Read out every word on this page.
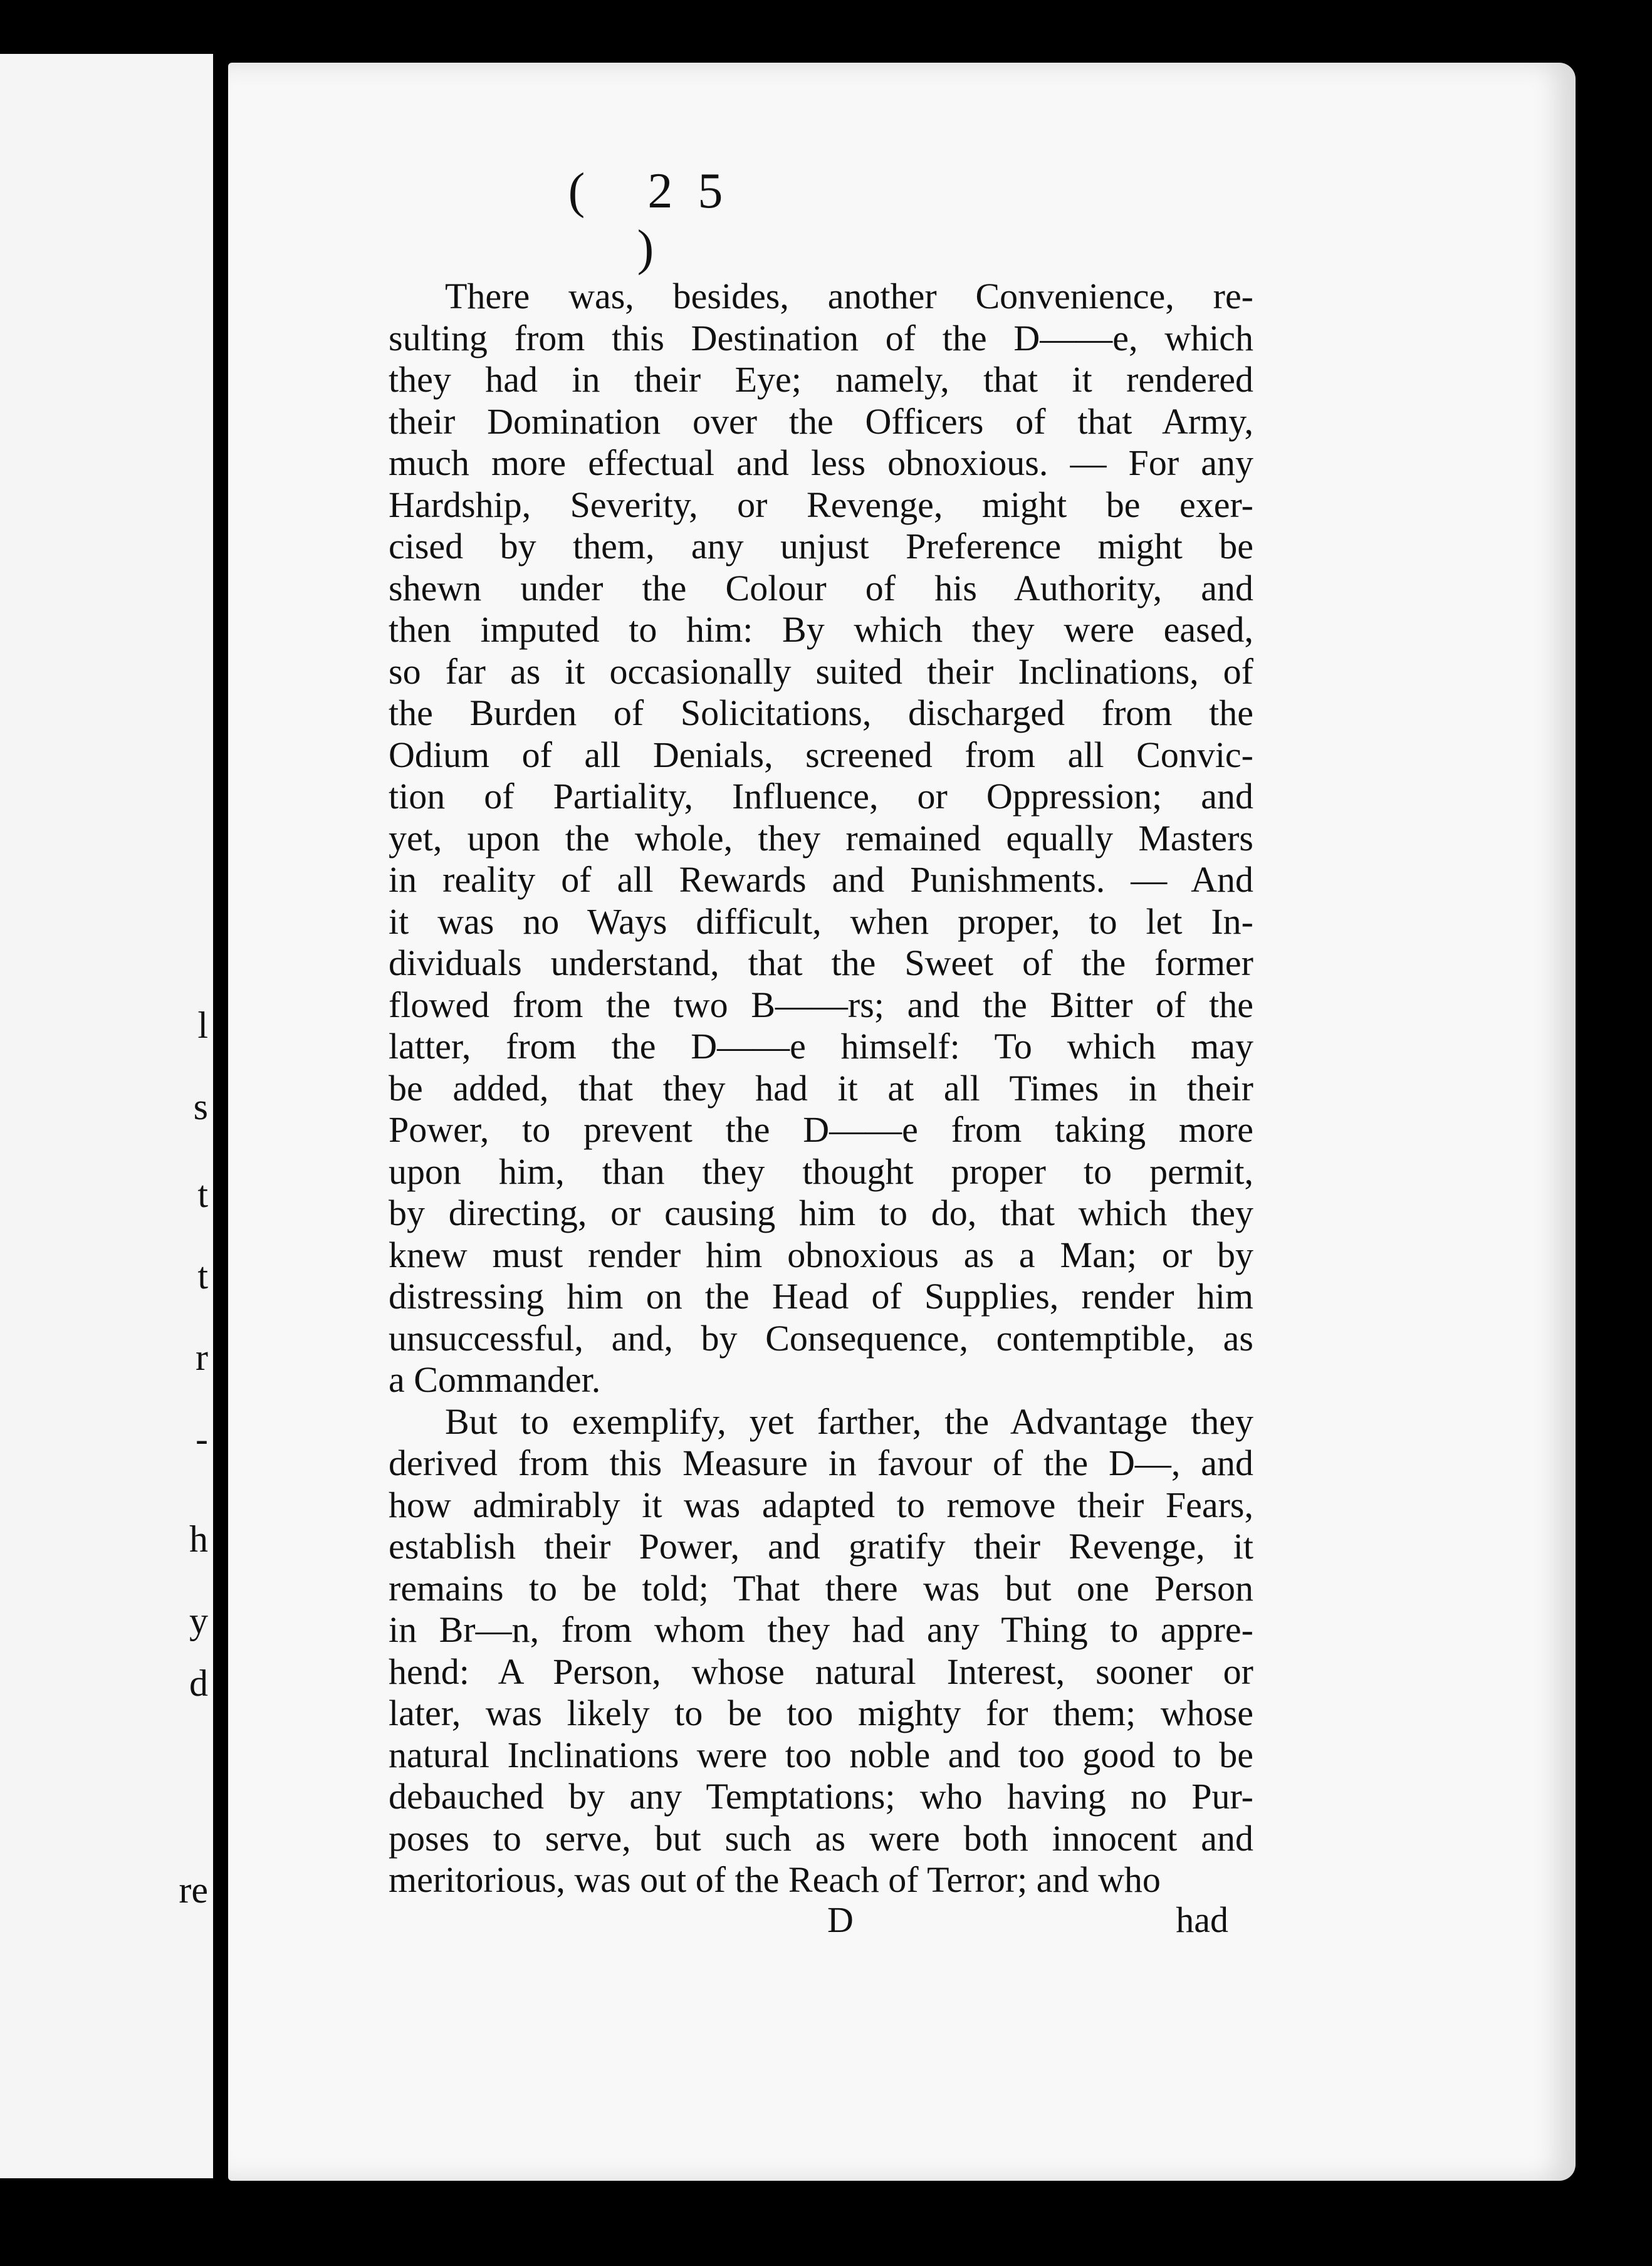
l
s
t
t
r
-
h
y
d
re
( 25 )
There was, besides, another Convenience, re-
sulting from this Destination of the D——e, which
they had in their Eye; namely, that it rendered
their Domination over the Officers of that Army,
much more effectual and less obnoxious. — For any
Hardship, Severity, or Revenge, might be exer-
cised by them, any unjust Preference might be
shewn under the Colour of his Authority, and
then imputed to him: By which they were eased,
so far as it occasionally suited their Inclinations, of
the Burden of Solicitations, discharged from the
Odium of all Denials, screened from all Convic-
tion of Partiality, Influence, or Oppression; and
yet, upon the whole, they remained equally Masters
in reality of all Rewards and Punishments. — And
it was no Ways difficult, when proper, to let In-
dividuals understand, that the Sweet of the former
flowed from the two B——rs; and the Bitter of the
latter, from the D——e himself: To which may
be added, that they had it at all Times in their
Power, to prevent the D——e from taking more
upon him, than they thought proper to permit,
by directing, or causing him to do, that which they
knew must render him obnoxious as a Man; or by
distressing him on the Head of Supplies, render him
unsuccessful, and, by Consequence, contemptible, as
a Commander.
But to exemplify, yet farther, the Advantage they
derived from this Measure in favour of the D—, and
how admirably it was adapted to remove their Fears,
establish their Power, and gratify their Revenge, it
remains to be told; That there was but one Person
in Br—n, from whom they had any Thing to appre-
hend: A Person, whose natural Interest, sooner or
later, was likely to be too mighty for them; whose
natural Inclinations were too noble and too good to be
debauched by any Temptations; who having no Pur-
poses to serve, but such as were both innocent and
meritorious, was out of the Reach of Terror; and who
D	had
